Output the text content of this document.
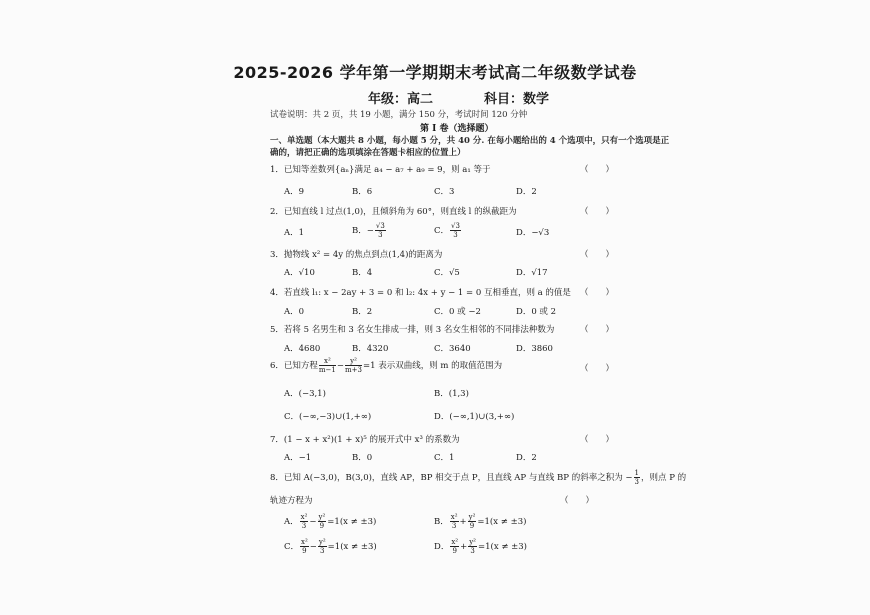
2025-2026 学年第一学期期末考试高二年级数学试卷
年级：高二	科目：数学
试卷说明：共 2 页，共 19 小题，满分 150 分，考试时间 120 分钟
第 I 卷（选择题）
一、单选题（本大题共 8 小题，每小题 5 分，共 40 分. 在每小题给出的 4 个选项中，只有一个选项是正
确的，请把正确的选项填涂在答题卡相应的位置上）
1．已知等差数列{aₙ}满足 a₄ − a₇ + a₉ = 9，则 a₁ 等于	（　　）
A．9	B．6	C．3	D．2
2．已知直线 l 过点(1,0)，且倾斜角为 60°，则直线 l 的纵截距为	（　　）
A．1	B．− $\frac{√3}{3}$	C． $\frac{√3}{3}$	D．−√3
3．抛物线 x² = 4y 的焦点到点(1,4)的距离为	（　　）
A．√10	B．4	C．√5	D．√17
4．若直线 l₁: x − 2ay + 3 = 0 和 l₂: 4x + y − 1 = 0 互相垂直，则 a 的值是 （　　）
A．0	B．2	C．0 或 −2	D．0 或 2
5．若将 5 名男生和 3 名女生排成一排，则 3 名女生相邻的不同排法种数为	（　　）
A．4680	B．4320	C．3640	D．3860
6．已知方程 $\frac{\text{x²}}{m-1} - \frac{\text{y²}}{m+3} =1$ 表示双曲线，则 m 的取值范围为	（　　）
A．(−3,1)	B．(1,3)
C．(−∞,−3)∪(1,+∞)	D．(−∞,1)∪(3,+∞)
7．(1 − x + x²)(1 + x)⁵ 的展开式中 x³ 的系数为	（　　）
A．−1	B．0	C．1	D．2
8．已知 A(−3,0)，B(3,0)，直线 AP，BP 相交于点 P，且直线 AP 与直线 BP 的斜率之积为 − $\frac{1}{3}$ ，则点 P 的
轨迹方程为	（　　）
A． $\frac{\text{x²}}{3} - \frac{\text{y²}}{9} =1(x \ne \pm 3)$	B． $\frac{\text{x²}}{3} + \frac{\text{y²}}{9} =1(x \ne \pm 3)$
C． $\frac{\text{x²}}{9} - \frac{\text{y²}}{3} =1(x \ne \pm 3)$	D． $\frac{\text{x²}}{9} + \frac{\text{y²}}{3} =1(x \ne \pm 3)$
